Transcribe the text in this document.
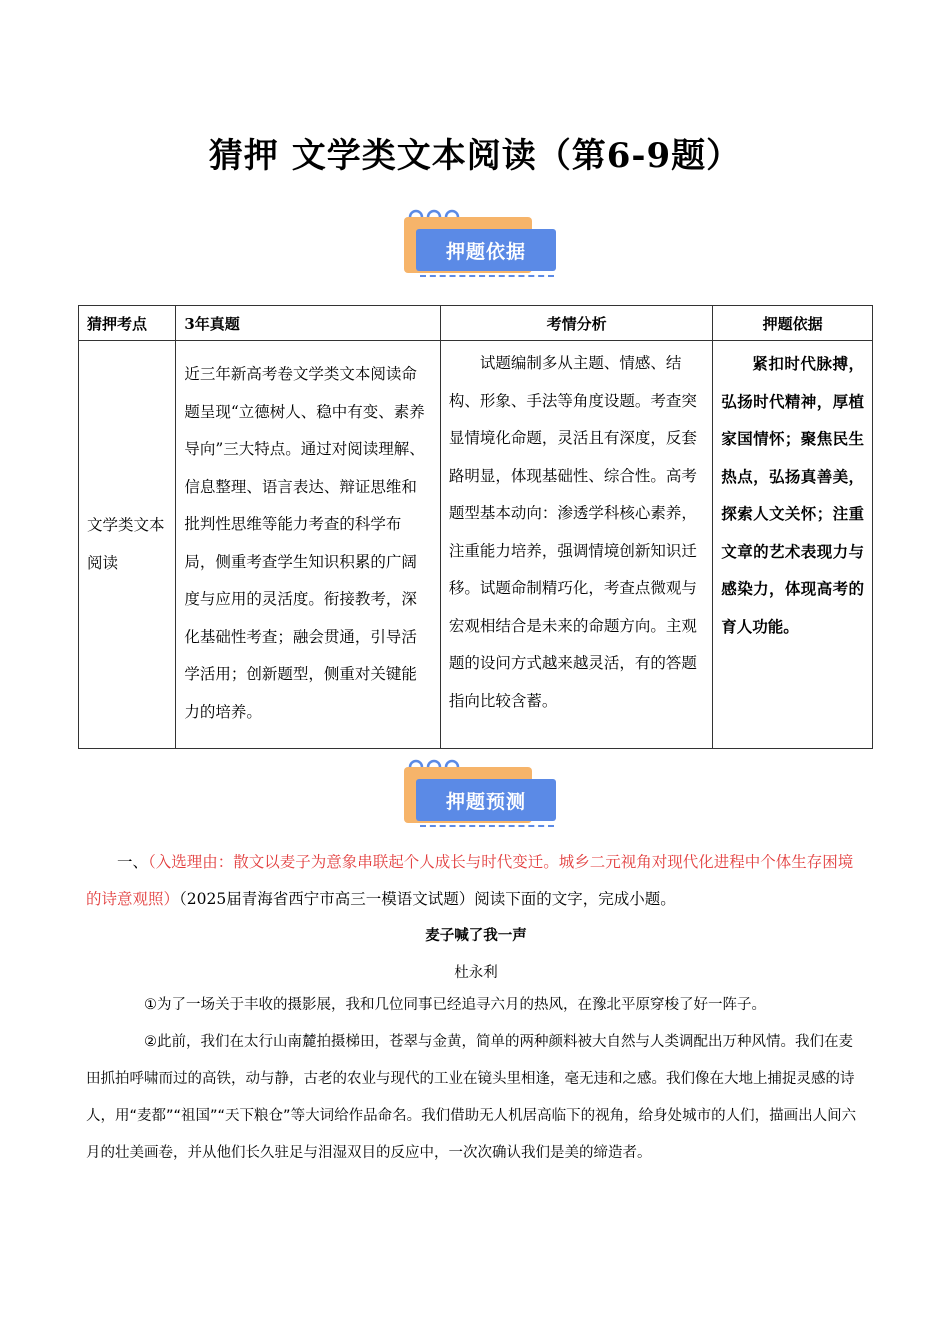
猜押 文学类文本阅读（第6-9题）
押题依据
猜押考点	3年真题	考情分析	押题依据
文学类文本阅读	近三年新高考卷文学类文本阅读命题呈现“立德树人、稳中有变、素养导向”三大特点。通过对阅读理解、信息整理、语言表达、辩证思维和批判性思维等能力考查的科学布局，侧重考查学生知识积累的广阔度与应用的灵活度。衔接教考，深化基础性考查；融会贯通，引导活学活用；创新题型，侧重对关键能力的培养。	试题编制多从主题、情感、结构、形象、手法等角度设题。考查突显情境化命题，灵活且有深度，反套路明显，体现基础性、综合性。高考题型基本动向：渗透学科核心素养，注重能力培养，强调情境创新知识迁移。试题命制精巧化，考查点微观与宏观相结合是未来的命题方向。主观题的设问方式越来越灵活，有的答题指向比较含蓄。	紧扣时代脉搏，弘扬时代精神，厚植家国情怀；聚焦民生热点，弘扬真善美，探索人文关怀；注重文章的艺术表现力与感染力，体现高考的育人功能。
押题预测
一、（入选理由：散文以麦子为意象串联起个人成长与时代变迁。城乡二元视角对现代化进程中个体生存困境的诗意观照）（2025届青海省西宁市高三一模语文试题）阅读下面的文字，完成小题。
麦子喊了我一声
杜永利
①为了一场关于丰收的摄影展，我和几位同事已经追寻六月的热风，在豫北平原穿梭了好一阵子。
②此前，我们在太行山南麓拍摄梯田，苍翠与金黄，简单的两种颜料被大自然与人类调配出万种风情。我们在麦田抓拍呼啸而过的高铁，动与静，古老的农业与现代的工业在镜头里相逢，毫无违和之感。我们像在大地上捕捉灵感的诗人，用“麦都”“祖国”“天下粮仓”等大词给作品命名。我们借助无人机居高临下的视角，给身处城市的人们，描画出人间六月的壮美画卷，并从他们长久驻足与泪湿双目的反应中，一次次确认我们是美的缔造者。
